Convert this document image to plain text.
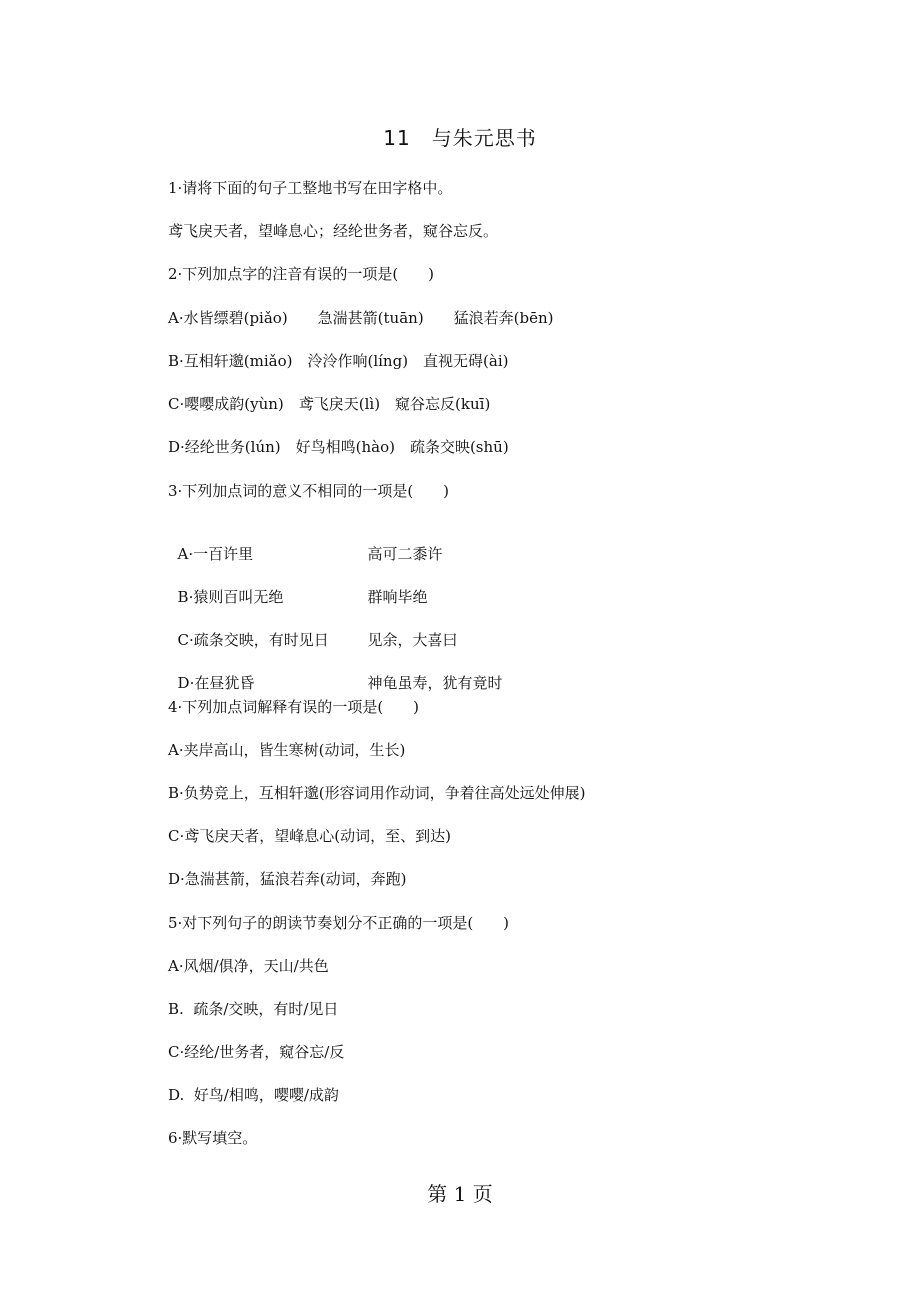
11　与朱元思书
1·请将下面的句子工整地书写在田字格中。
鸢飞戾天者，望峰息心；经纶世务者，窥谷忘反。
2·下列加点字的注音有误的一项是(　　)
A·水皆缥碧(piǎo)　　急湍甚箭(tuān)　　猛浪若奔(bēn)
B·互相轩邈(miǎo)　泠泠作响(líng)　直视无碍(ài)
C·嘤嘤成韵(yùn)　鸢飞戾天(lì)　窥谷忘反(kuī)
D·经纶世务(lún)　好鸟相鸣(hào)　疏条交映(shū)
3·下列加点词的意义不相同的一项是(　　)

A·一百许里	高可二黍许

B·猿则百叫无绝	群响毕绝

C·疏条交映，有时见日	见余，大喜曰

D·在昼犹昏	神龟虽寿，犹有竟时

4·下列加点词解释有误的一项是(　　)
A·夹岸高山，皆生寒树(动词，生长)
B·负势竞上，互相轩邈(形容词用作动词，争着往高处远处伸展)
C·鸢飞戾天者，望峰息心(动词，至、到达)
D·急湍甚箭，猛浪若奔(动词，奔跑)
5·对下列句子的朗读节奏划分不正确的一项是(　　)
A·风烟/俱净，天山/共色
B.  疏条/交映，有时/见日
C·经纶/世务者，窥谷忘/反
D.  好鸟/相鸣，嘤嘤/成韵
6·默写填空。
第 1 页
